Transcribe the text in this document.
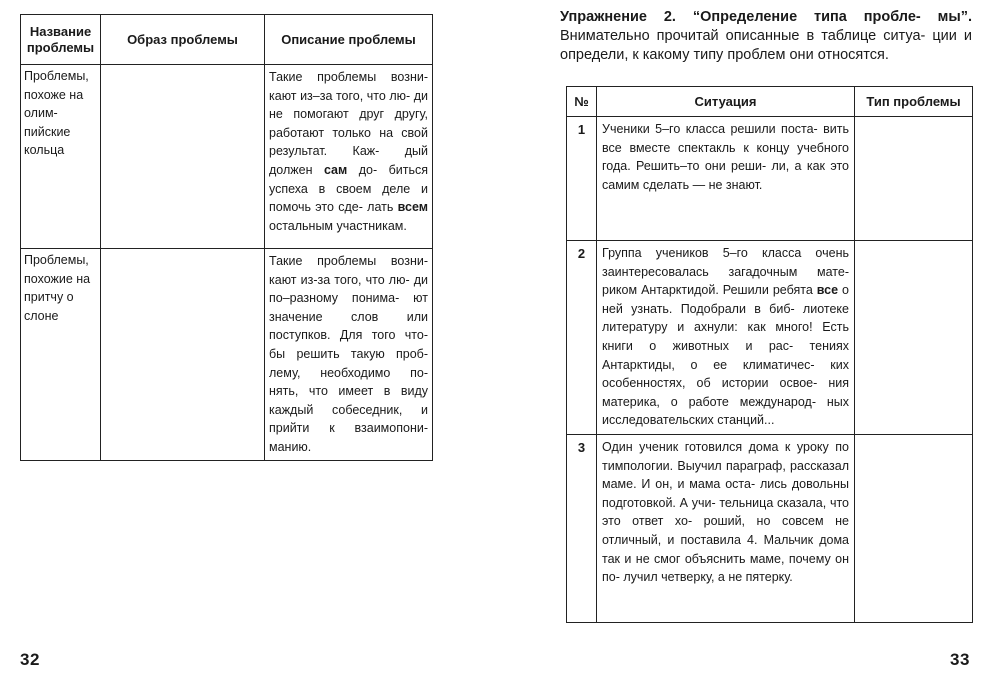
Название проблемы	Образ проблемы	Описание проблемы
Проблемы, похоже на олим- пийские кольца		Такие проблемы возни- кают из–за того, что лю- ди не помогают друг другу, работают только на свой результат. Каж- дый должен сам до- биться успеха в своем деле и помочь это сде- лать всем остальным участникам.
Проблемы, похожие на притчу о слоне		Такие проблемы возни- кают из-за того, что лю- ди по–разному понима- ют значение слов или поступков. Для того что- бы решить такую проб- лему, необходимо по- нять, что имеет в виду каждый собеседник, и прийти к взаимопони- манию.
32
Упражнение 2. “Определение типа пробле- мы”. Внимательно прочитай описанные в таблице ситуа- ции и определи, к какому типу проблем они относятся.
№	Ситуация	Тип проблемы
1	Ученики 5–го класса решили поста- вить все вместе спектакль к концу учебного года. Решить–то они реши- ли, а как это самим сделать — не знают.	
2	Группа учеников 5–го класса очень заинтересовалась загадочным мате- риком Антарктидой. Решили ребята все о ней узнать. Подобрали в биб- лиотеке литературу и ахнули: как много! Есть книги о животных и рас- тениях Антарктиды, о ее климатичес- ких особенностях, об истории освое- ния материка, о работе международ- ных исследовательских станций...	
3	Один ученик готовился дома к уроку по тимпологии. Выучил параграф, рассказал маме. И он, и мама оста- лись довольны подготовкой. А учи- тельница сказала, что это ответ хо- роший, но совсем не отличный, и поставила 4. Мальчик дома так и не смог объяснить маме, почему он по- лучил четверку, а не пятерку.	
33
